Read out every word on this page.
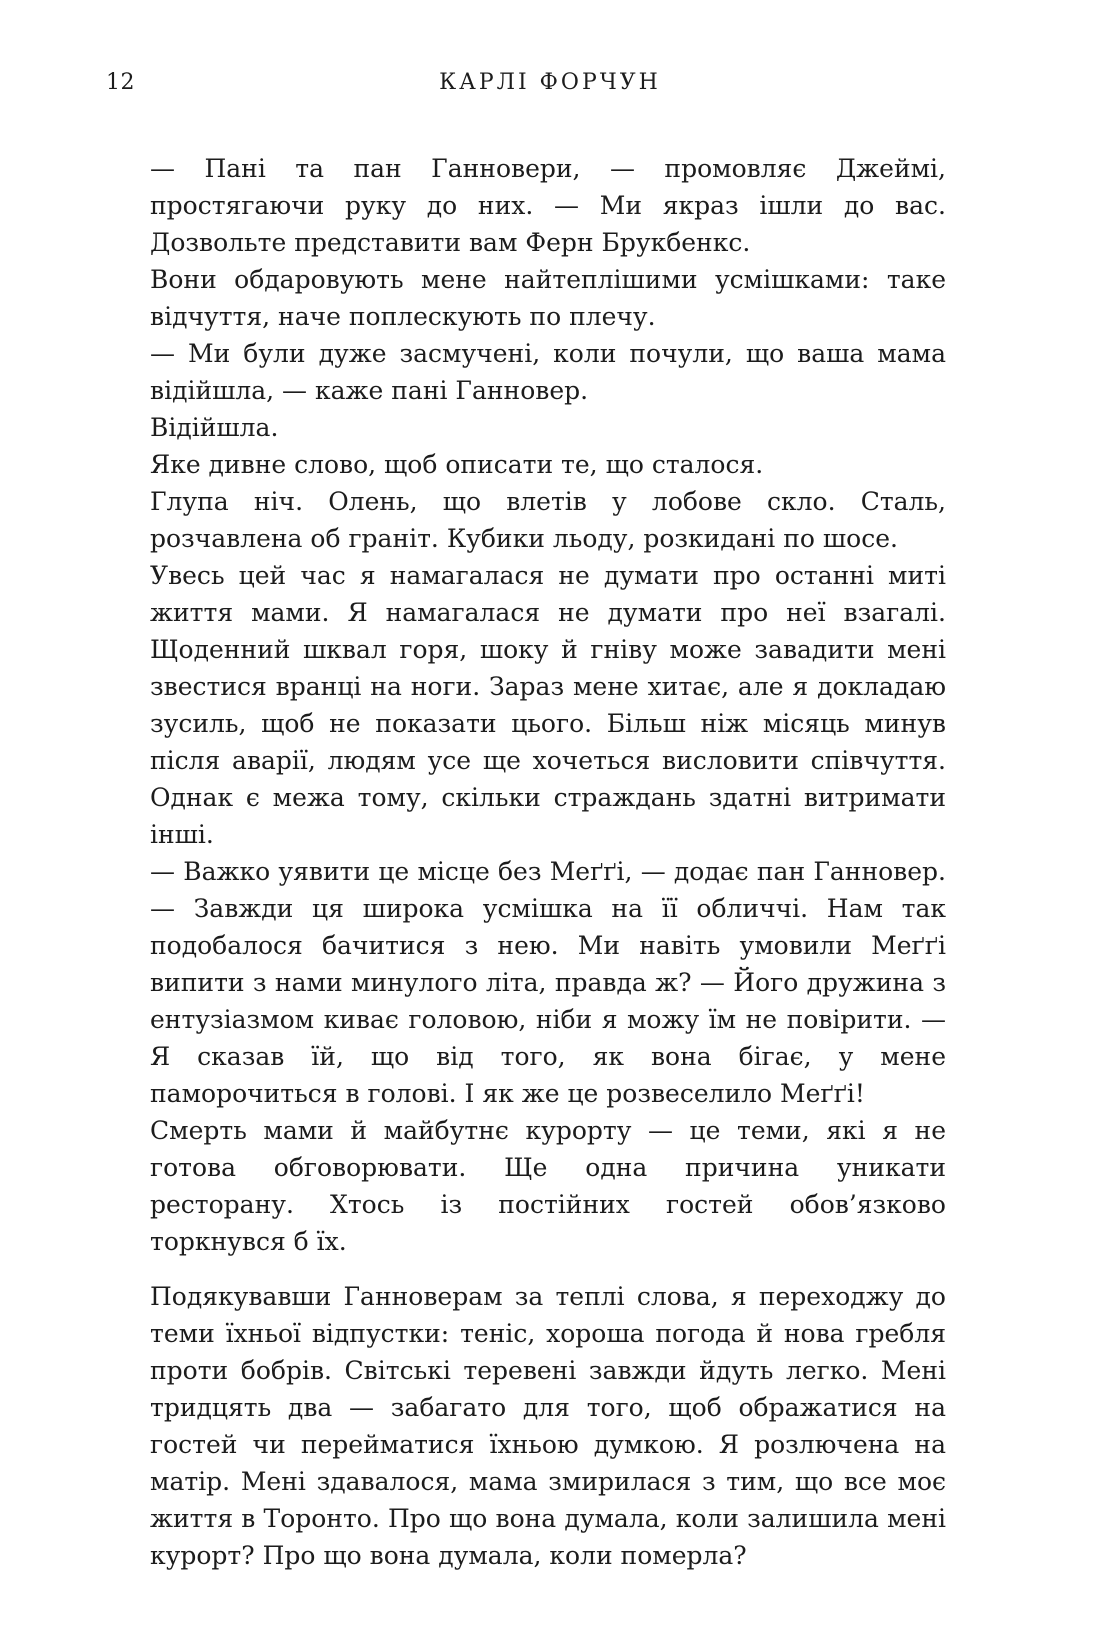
12	КАРЛІ ФОРЧУН

— Пані та пан Ганновери, — промовляє Джеймі, простягаючи руку до них. — Ми якраз ішли до вас. Дозвольте представити вам Ферн Брукбенкс.

Вони обдаровують мене найтеплішими усмішками: таке відчуття, наче поплескують по плечу.

— Ми були дуже засмучені, коли почули, що ваша мама відійшла, — каже пані Ганновер.

Відійшла.

Яке дивне слово, щоб описати те, що сталося.

Глупа ніч. Олень, що влетів у лобове скло. Сталь, розчавлена об граніт. Кубики льоду, розкидані по шосе.

Увесь цей час я намагалася не думати про останні миті життя мами. Я намагалася не думати про неї взагалі. Щоденний шквал горя, шоку й гніву може завадити мені звестися вранці на ноги. Зараз мене хитає, але я докладаю зусиль, щоб не показати цього. Більш ніж місяць минув після аварії, людям усе ще хочеться висловити співчуття. Однак є межа тому, скільки страждань здатні витримати інші.

— Важко уявити це місце без Меґґі, — додає пан Ганновер. — Завжди ця широка усмішка на її обличчі. Нам так подобалося бачитися з нею. Ми навіть умовили Меґґі випити з нами минулого літа, правда ж? — Його дружина з ентузіазмом киває головою, ніби я можу їм не повірити. — Я сказав їй, що від того, як вона бігає, у мене паморочиться в голові. І як же це розвеселило Меґґі!

Смерть мами й майбутнє курорту — це теми, які я не готова обговорювати. Ще одна причина уникати ресторану. Хтось із постійних гостей обов’язково торкнувся б їх.

Подякувавши Ганноверам за теплі слова, я переходжу до теми їхньої відпустки: теніс, хороша погода й нова гребля проти бобрів. Світські теревені завжди йдуть легко. Мені тридцять два — забагато для того, щоб ображатися на гостей чи перейматися їхньою думкою. Я розлючена на матір. Мені здавалося, мама змирилася з тим, що все моє життя в Торонто. Про що вона думала, коли залишила мені курорт? Про що вона думала, коли померла?
